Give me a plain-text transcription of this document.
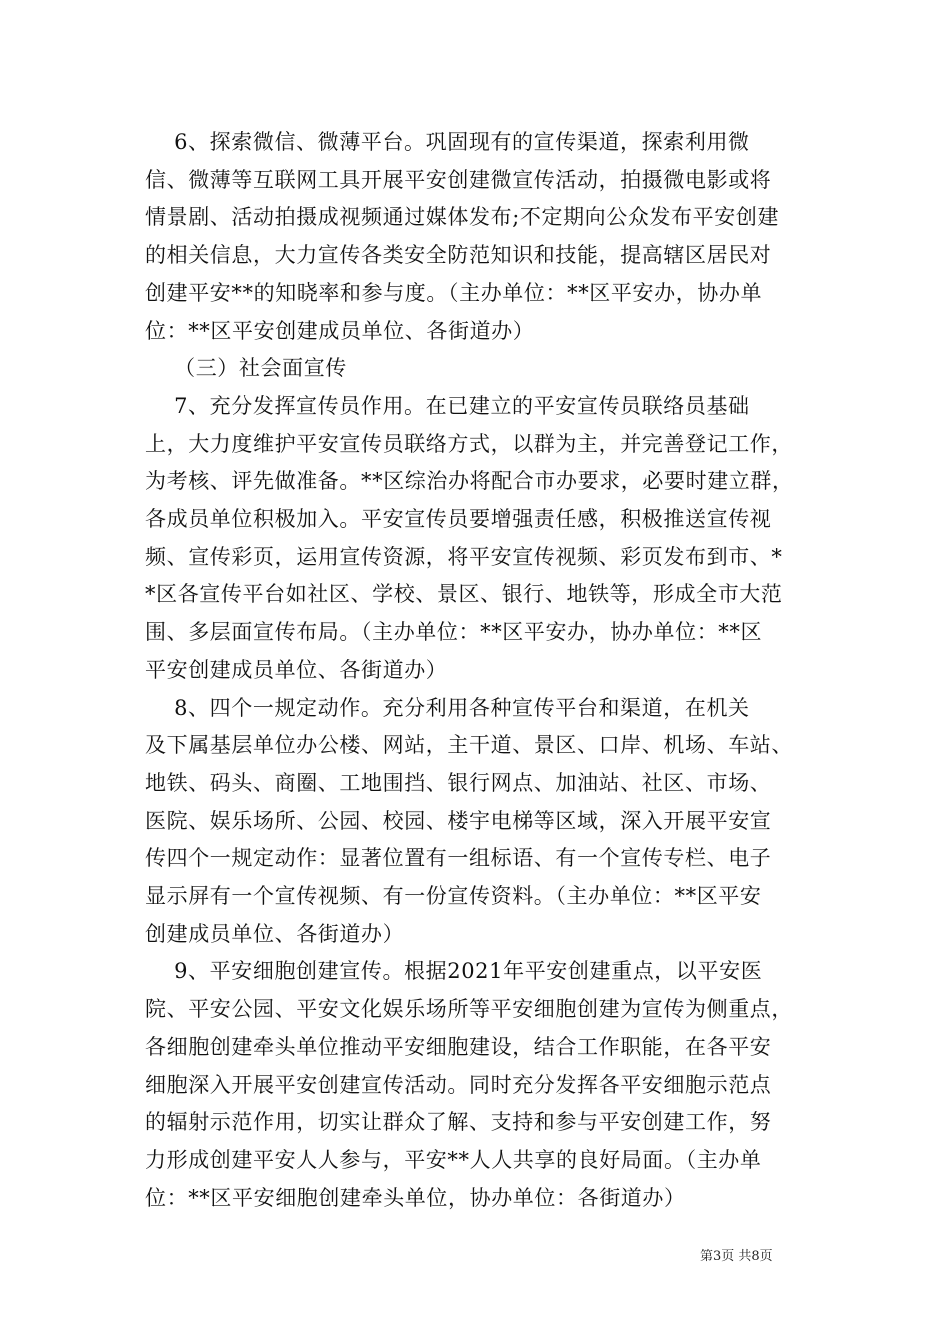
6、探索微信、微薄平台。巩固现有的宣传渠道，探索利用微
信、微薄等互联网工具开展平安创建微宣传活动，拍摄微电影或将
情景剧、活动拍摄成视频通过媒体发布;不定期向公众发布平安创建
的相关信息，大力宣传各类安全防范知识和技能，提高辖区居民对
创建平安**的知晓率和参与度。（主办单位：**区平安办，协办单
位：**区平安创建成员单位、各街道办）
（三）社会面宣传
7、充分发挥宣传员作用。在已建立的平安宣传员联络员基础
上，大力度维护平安宣传员联络方式，以群为主，并完善登记工作，
为考核、评先做准备。**区综治办将配合市办要求，必要时建立群，
各成员单位积极加入。平安宣传员要增强责任感，积极推送宣传视
频、宣传彩页，运用宣传资源，将平安宣传视频、彩页发布到市、*
*区各宣传平台如社区、学校、景区、银行、地铁等，形成全市大范
围、多层面宣传布局。（主办单位：**区平安办，协办单位：**区
平安创建成员单位、各街道办）
8、四个一规定动作。充分利用各种宣传平台和渠道，在机关
及下属基层单位办公楼、网站，主干道、景区、口岸、机场、车站、
地铁、码头、商圈、工地围挡、银行网点、加油站、社区、市场、
医院、娱乐场所、公园、校园、楼宇电梯等区域，深入开展平安宣
传四个一规定动作：显著位置有一组标语、有一个宣传专栏、电子
显示屏有一个宣传视频、有一份宣传资料。（主办单位：**区平安
创建成员单位、各街道办）
9、平安细胞创建宣传。根据2021年平安创建重点，以平安医
院、平安公园、平安文化娱乐场所等平安细胞创建为宣传为侧重点，
各细胞创建牵头单位推动平安细胞建设，结合工作职能，在各平安
细胞深入开展平安创建宣传活动。同时充分发挥各平安细胞示范点
的辐射示范作用，切实让群众了解、支持和参与平安创建工作，努
力形成创建平安人人参与，平安**人人共享的良好局面。（主办单
位：**区平安细胞创建牵头单位，协办单位：各街道办）
第3页 共8页
